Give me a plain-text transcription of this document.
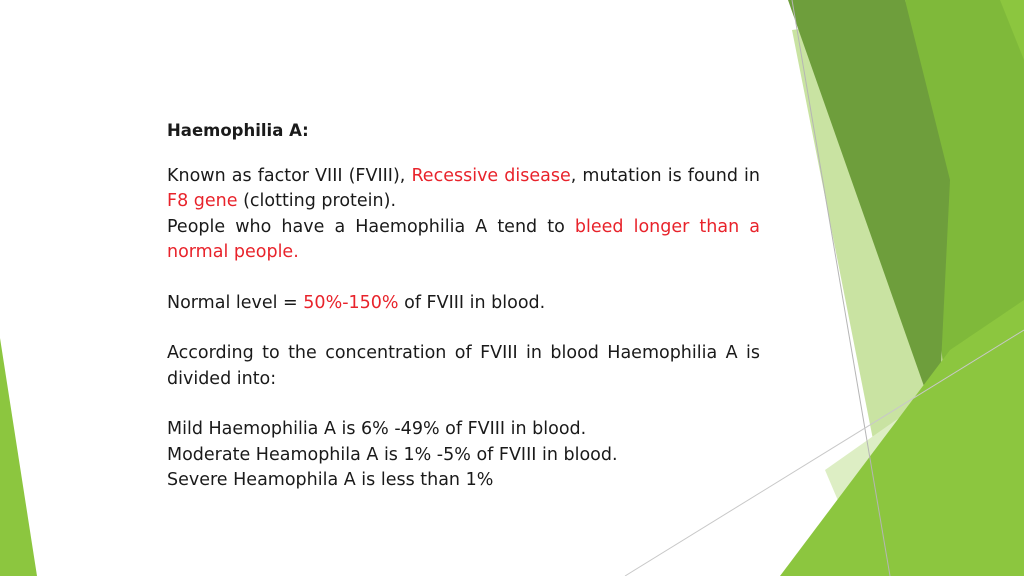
Haemophilia A:

Known as factor VIII (FVIII), Recessive disease, mutation is found in F8 gene (clotting protein).

People who have a Haemophilia A tend to bleed longer than a normal people.

Normal level = 50%-150% of FVIII in blood.

According to the concentration of FVIII in blood Haemophilia A is divided into:

Mild Haemophilia A is 6% -49% of FVIII in blood.

Moderate Heamophila A is 1% -5% of FVIII in blood.

Severe Heamophila A is less than 1%
